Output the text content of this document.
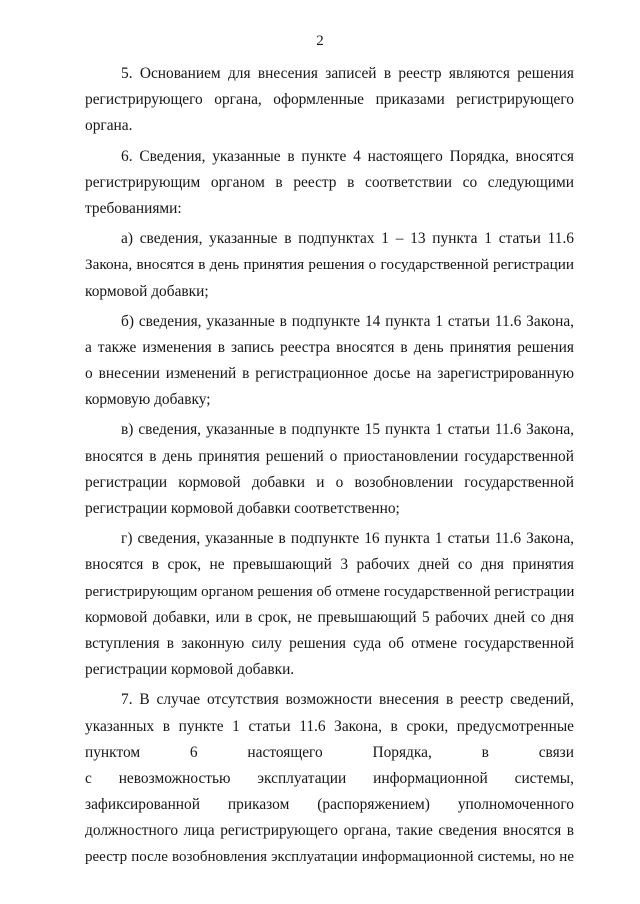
2
5. Основанием для внесения записей в реестр являются решения
регистрирующего органа, оформленные приказами регистрирующего
органа.
6. Сведения, указанные в пункте 4 настоящего Порядка, вносятся
регистрирующим органом в реестр в соответствии со следующими
требованиями:
а) сведения, указанные в подпунктах 1 – 13 пункта 1 статьи 11.6
Закона, вносятся в день принятия решения о государственной регистрации
кормовой добавки;
б) сведения, указанные в подпункте 14 пункта 1 статьи 11.6 Закона,
а также изменения в запись реестра вносятся в день принятия решения
о внесении изменений в регистрационное досье на зарегистрированную
кормовую добавку;
в) сведения, указанные в подпункте 15 пункта 1 статьи 11.6 Закона,
вносятся в день принятия решений о приостановлении государственной
регистрации кормовой добавки и о возобновлении государственной
регистрации кормовой добавки соответственно;
г) сведения, указанные в подпункте 16 пункта 1 статьи 11.6 Закона,
вносятся в срок, не превышающий 3 рабочих дней со дня принятия
регистрирующим органом решения об отмене государственной регистрации
кормовой добавки, или в срок, не превышающий 5 рабочих дней со дня
вступления в законную силу решения суда об отмене государственной
регистрации кормовой добавки.
7. В случае отсутствия возможности внесения в реестр сведений,
указанных в пункте 1 статьи 11.6 Закона, в сроки, предусмотренные
пунктом 6 настоящего Порядка, в связи
с невозможностью эксплуатации информационной системы,
зафиксированной приказом (распоряжением) уполномоченного
должностного лица регистрирующего органа, такие сведения вносятся в
реестр после возобновления эксплуатации информационной системы, но не
